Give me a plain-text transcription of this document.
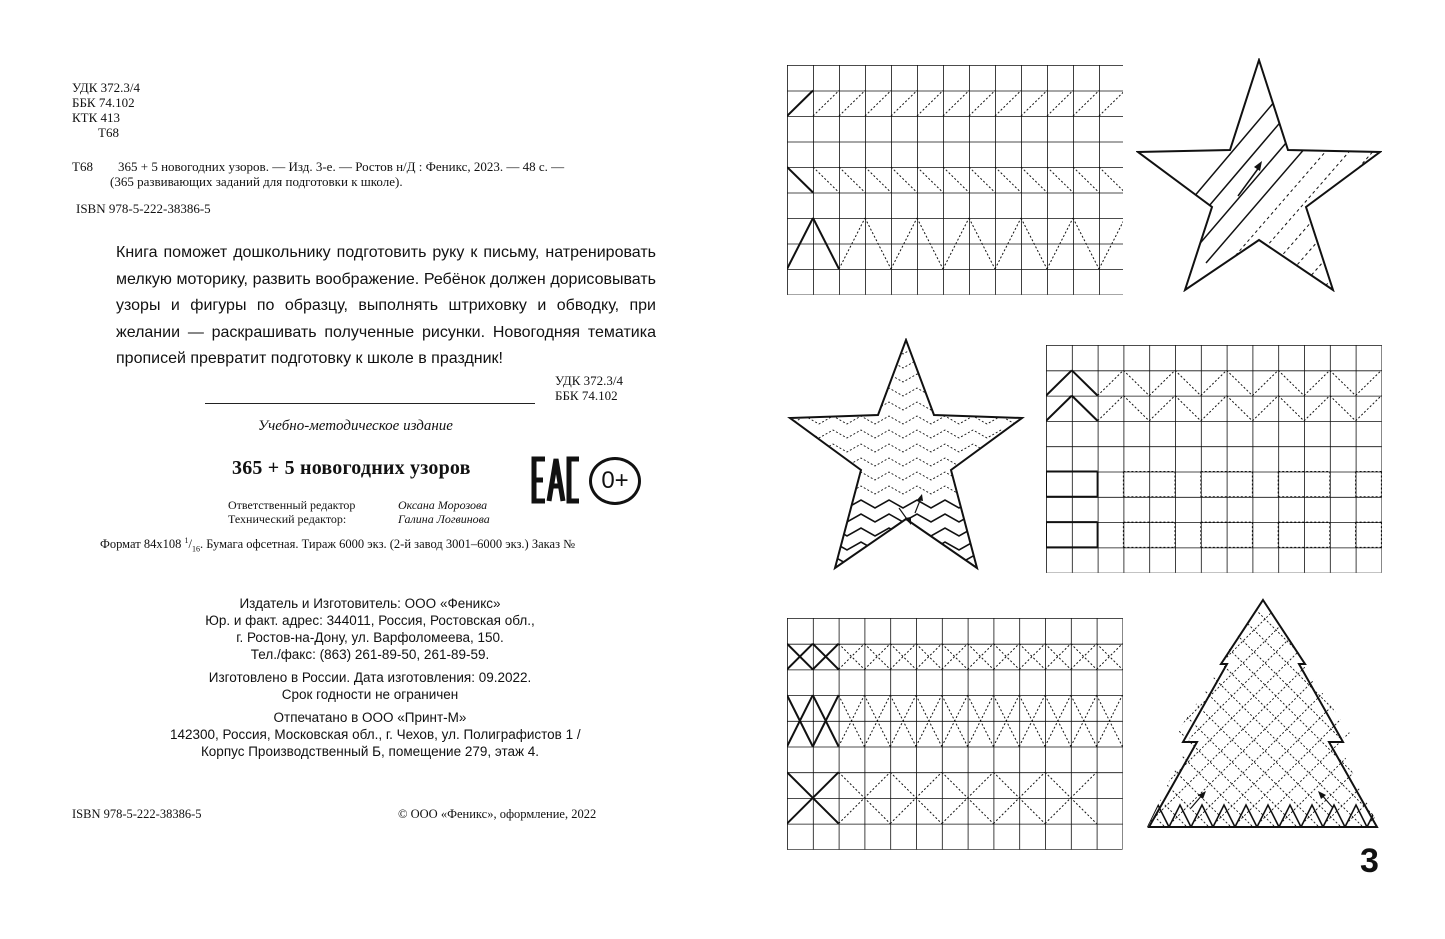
УДК 372.3/4
ББК 74.102
КТК 413
Т68
Т68 365 + 5 новогодних узоров. — Изд. 3-е. — Ростов н/Д : Феникс, 2023. — 48 с. —
(365 развивающих заданий для подготовки к школе).
ISBN 978-5-222-38386-5
Книга поможет дошкольнику подготовить руку к письму, натренировать мелкую моторику, развить воображение. Ребёнок должен дорисовывать узоры и фигуры по образцу, выполнять штриховку и обводку, при желании — раскрашивать полученные рисунки. Новогодняя тематика прописей превратит подготовку к школе в праздник!
УДК 372.3/4
ББК 74.102
Учебно-методическое издание
365 + 5 новогодних узоров
Ответственный редактор	Оксана Морозова
Технический редактор:	Галина Логвинова
Формат 84х108 $^1/_{16}$. Бумага офсетная. Тираж 6000 экз. (2-й завод 3001–6000 экз.) Заказ №
0+
Издатель и Изготовитель: ООО «Феникс»
Юр. и факт. адрес: 344011, Россия, Ростовская обл.,
г. Ростов-на-Дону, ул. Варфоломеева, 150.
Тел./факс: (863) 261-89-50, 261-89-59.
Изготовлено в России. Дата изготовления: 09.2022.
Срок годности не ограничен
Отпечатано в ООО «Принт-М»
142300, Россия, Московская обл., г. Чехов, ул. Полиграфистов 1 /
Корпус Производственный Б, помещение 279, этаж 4.
ISBN 978-5-222-38386-5	© ООО «Феникс», оформление, 2022
3
